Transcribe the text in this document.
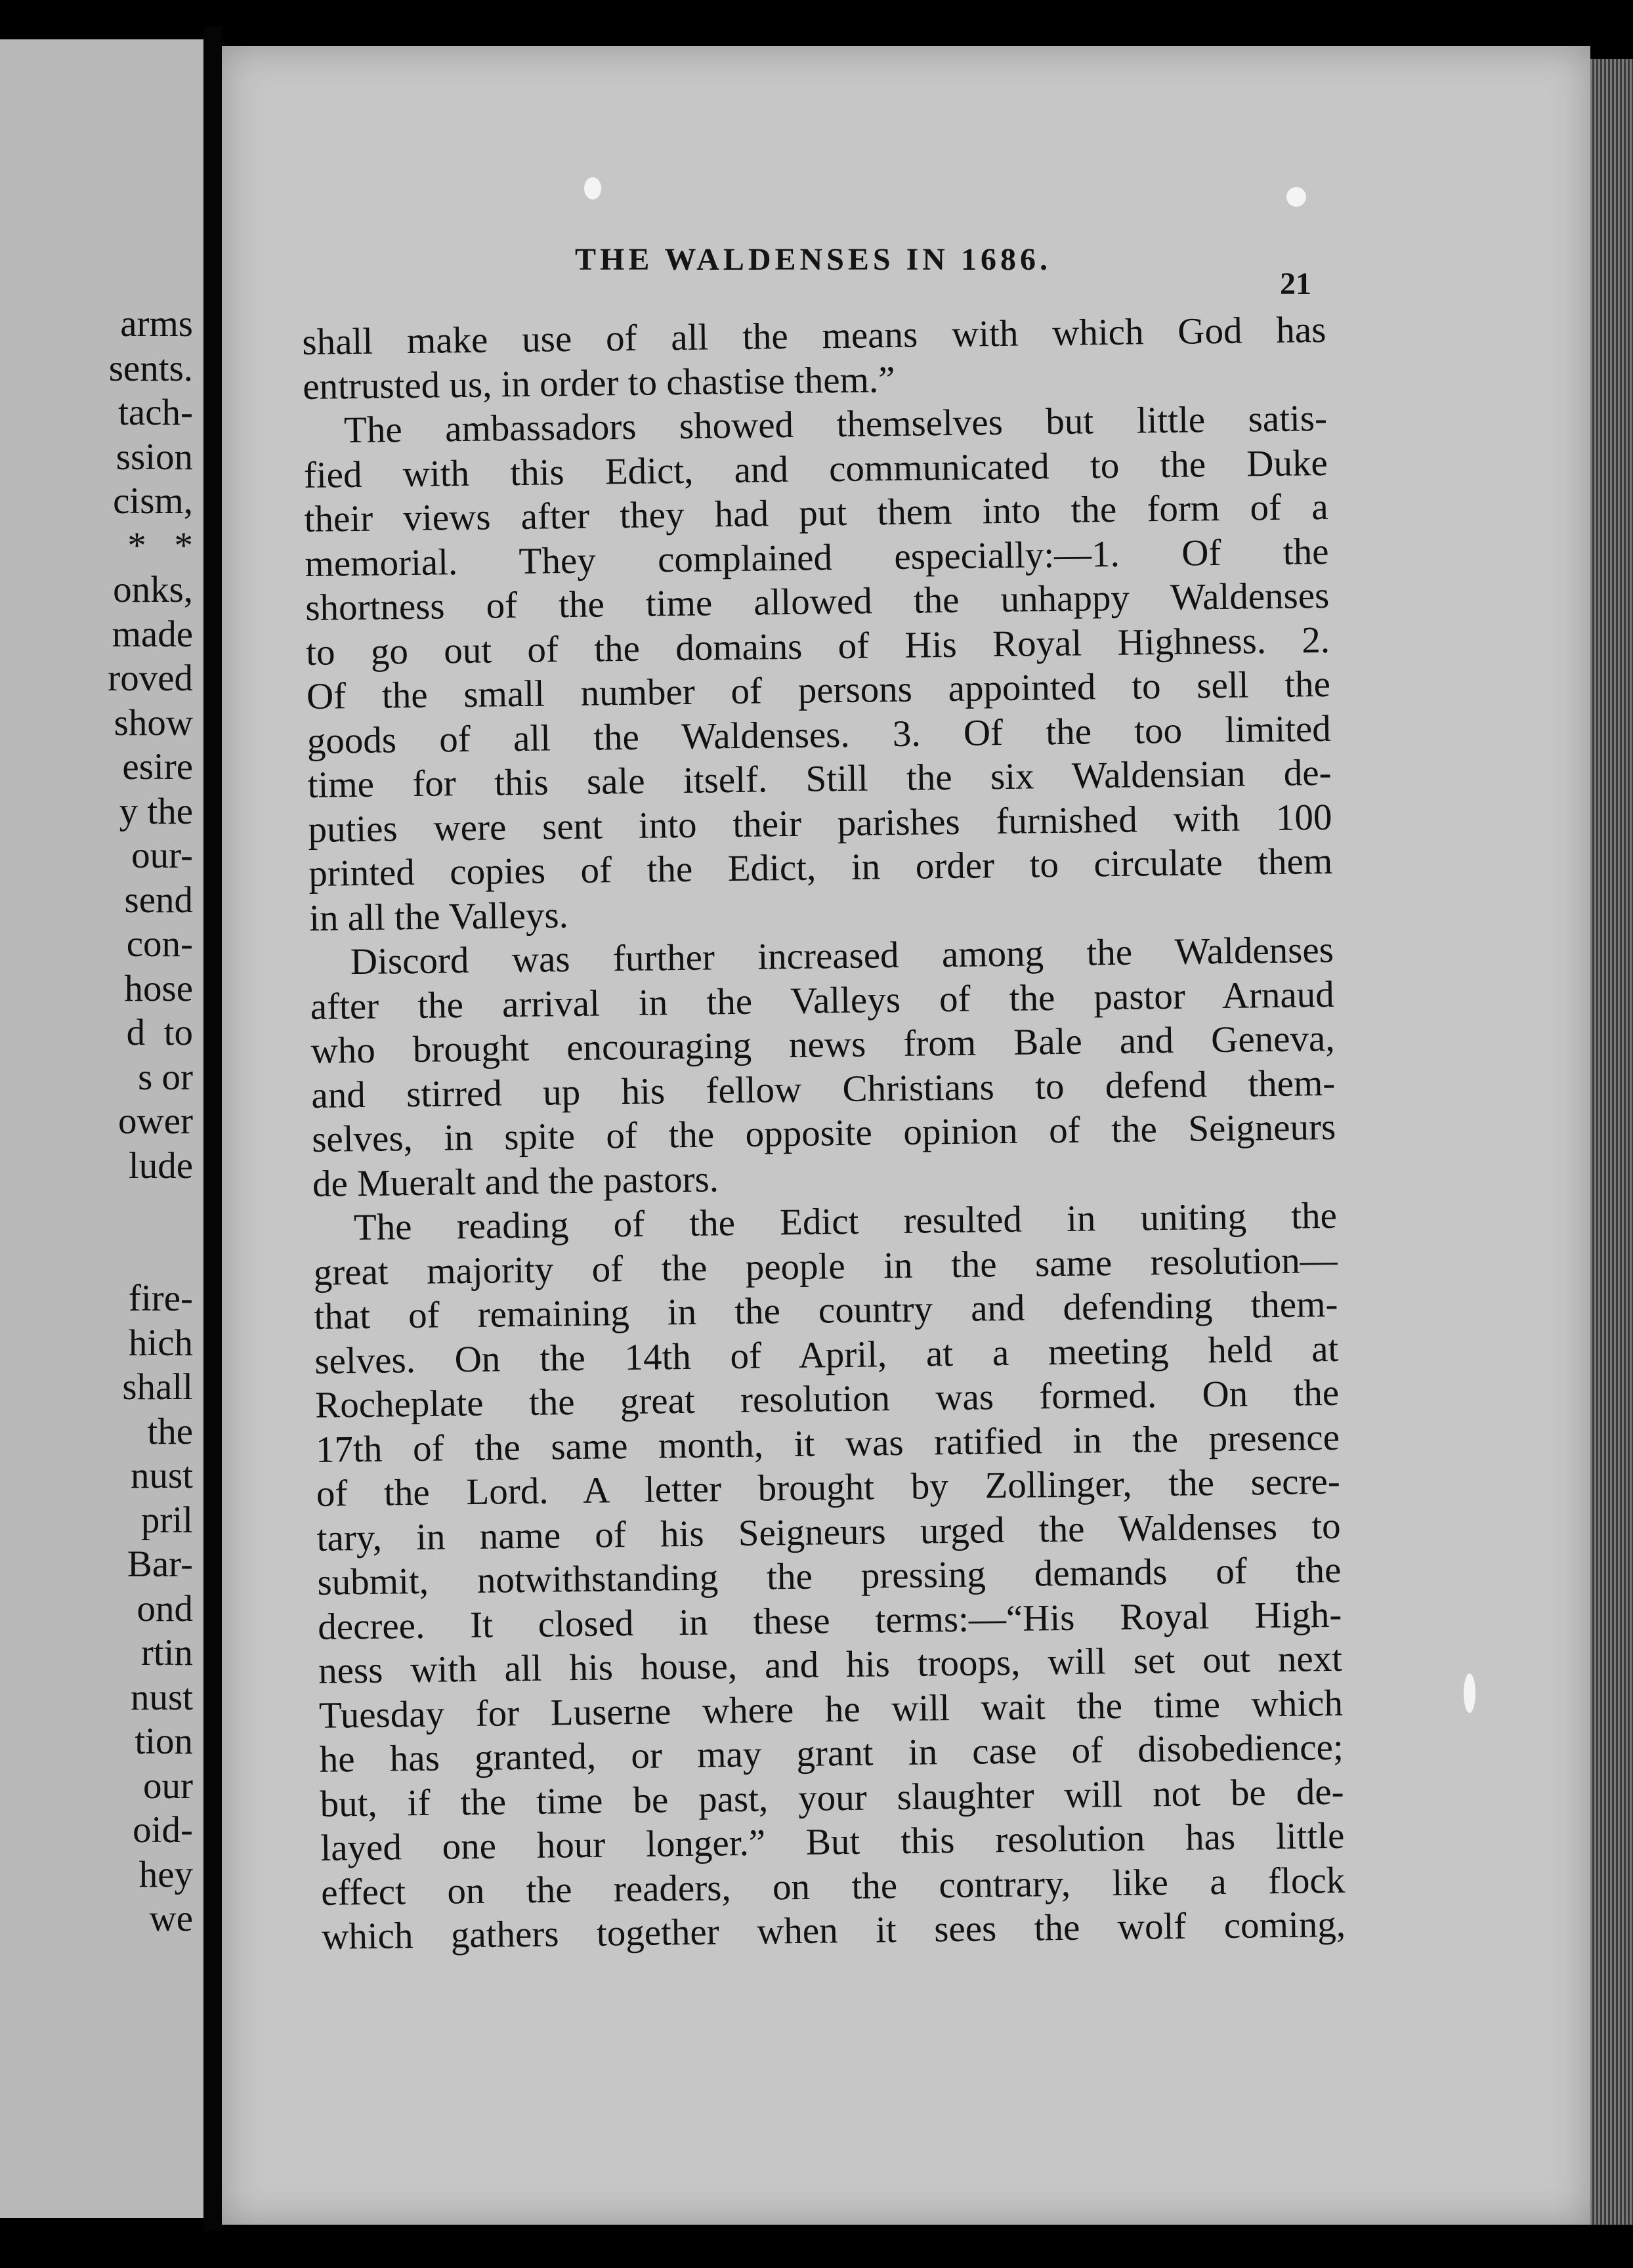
arms
sents.
tach-
ssion
cism,
*   *
onks,
made
roved
show
esire
y the
our-
send
con-
hose
d  to
s or
ower
lude
fire-
hich
shall
the
nust
pril
Bar-
ond
rtin
nust
tion
our
oid-
hey
we
THE WALDENSES IN 1686.
21
shall make use of all the means with which God has
entrusted us, in order to chastise them.”
The ambassadors showed themselves but little satis-
fied with this Edict, and communicated to the Duke
their views after they had put them into the form of a
memorial. They complained especially:—1. Of the
shortness of the time allowed the unhappy Waldenses
to go out of the domains of His Royal Highness. 2.
Of the small number of persons appointed to sell the
goods of all the Waldenses. 3. Of the too limited
time for this sale itself. Still the six Waldensian de-
puties were sent into their parishes furnished with 100
printed copies of the Edict, in order to circulate them
in all the Valleys.
Discord was further increased among the Waldenses
after the arrival in the Valleys of the pastor Arnaud
who brought encouraging news from Bale and Geneva,
and stirred up his fellow Christians to defend them-
selves, in spite of the opposite opinion of the Seigneurs
de Mueralt and the pastors.
The reading of the Edict resulted in uniting the
great majority of the people in the same resolution—
that of remaining in the country and defending them-
selves. On the 14th of April, at a meeting held at
Rocheplate the great resolution was formed. On the
17th of the same month, it was ratified in the presence
of the Lord. A letter brought by Zollinger, the secre-
tary, in name of his Seigneurs urged the Waldenses to
submit, notwithstanding the pressing demands of the
decree. It closed in these terms:—“His Royal High-
ness with all his house, and his troops, will set out next
Tuesday for Luserne where he will wait the time which
he has granted, or may grant in case of disobedience;
but, if the time be past, your slaughter will not be de-
layed one hour longer.” But this resolution has little
effect on the readers, on the contrary, like a flock
which gathers together when it sees the wolf coming,
